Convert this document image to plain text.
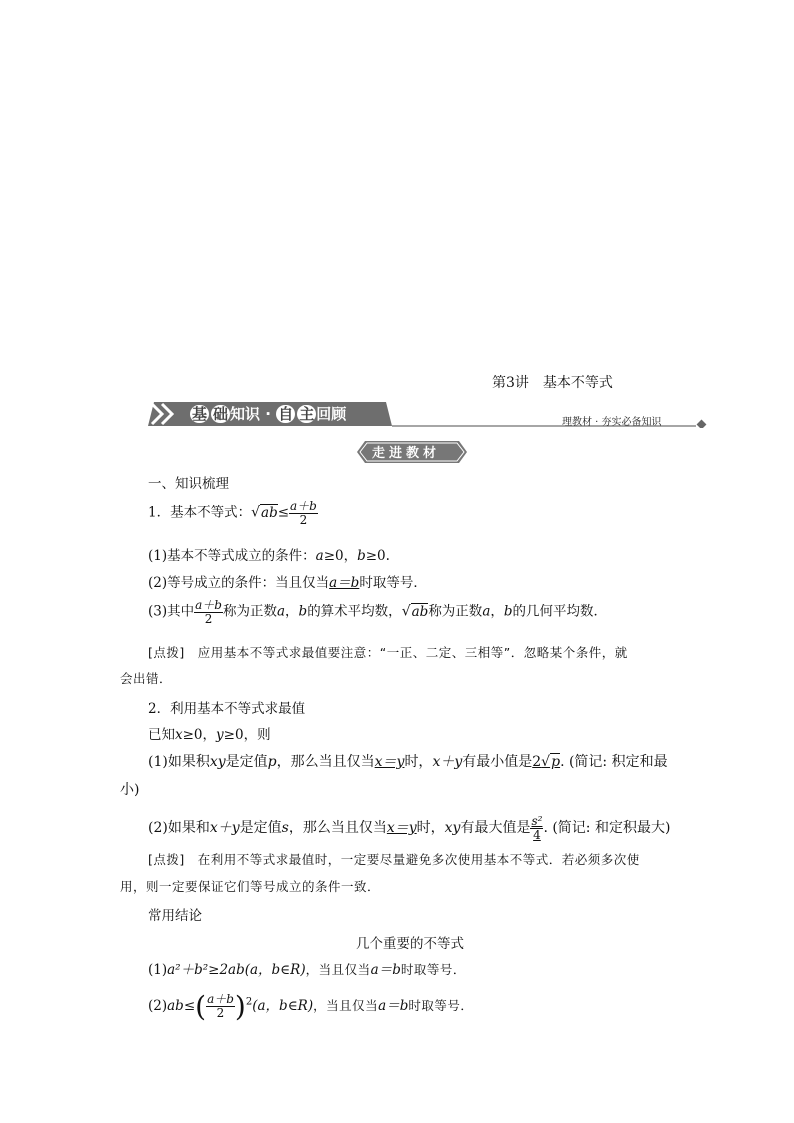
第3讲　基本不等式
基 础 知识 · 自 主 回顾	理教材 · 夯实必备知识
走进教材
一、知识梳理
1．基本不等式：$√ab\le \frac{a+b}{2}$
(1)基本不等式成立的条件：a≥0，b≥0.
(2)等号成立的条件：当且仅当a＝b时取等号．
(3)其中 $\frac{a+b}{2}$ 称为正数a，b的算术平均数，√ab称为正数a，b的几何平均数．
[点拨]　应用基本不等式求最值要注意：“一正、二定、三相等”．忽略某个条件，就
会出错．
2．利用基本不等式求最值
已知x≥0，y≥0，则
(1)如果积xy是定值p，那么当且仅当x＝y时，x＋y有最小值是2√p. (简记: 积定和最
小)
(2)如果和x＋y是定值s，那么当且仅当x＝y时，xy有最大值是 $\frac{\text{s²}}{4}$ . (简记: 和定积最大)
[点拨]　在利用不等式求最值时，一定要尽量避免多次使用基本不等式．若必须多次使
用，则一定要保证它们等号成立的条件一致．
常用结论
几个重要的不等式
(1)a²＋b²≥2ab(a，b∈R)，当且仅当a＝b时取等号．
$(2)ab\le( \frac{a+b}{2} )^2(a$，b∈R)，当且仅当a＝b时取等号．
